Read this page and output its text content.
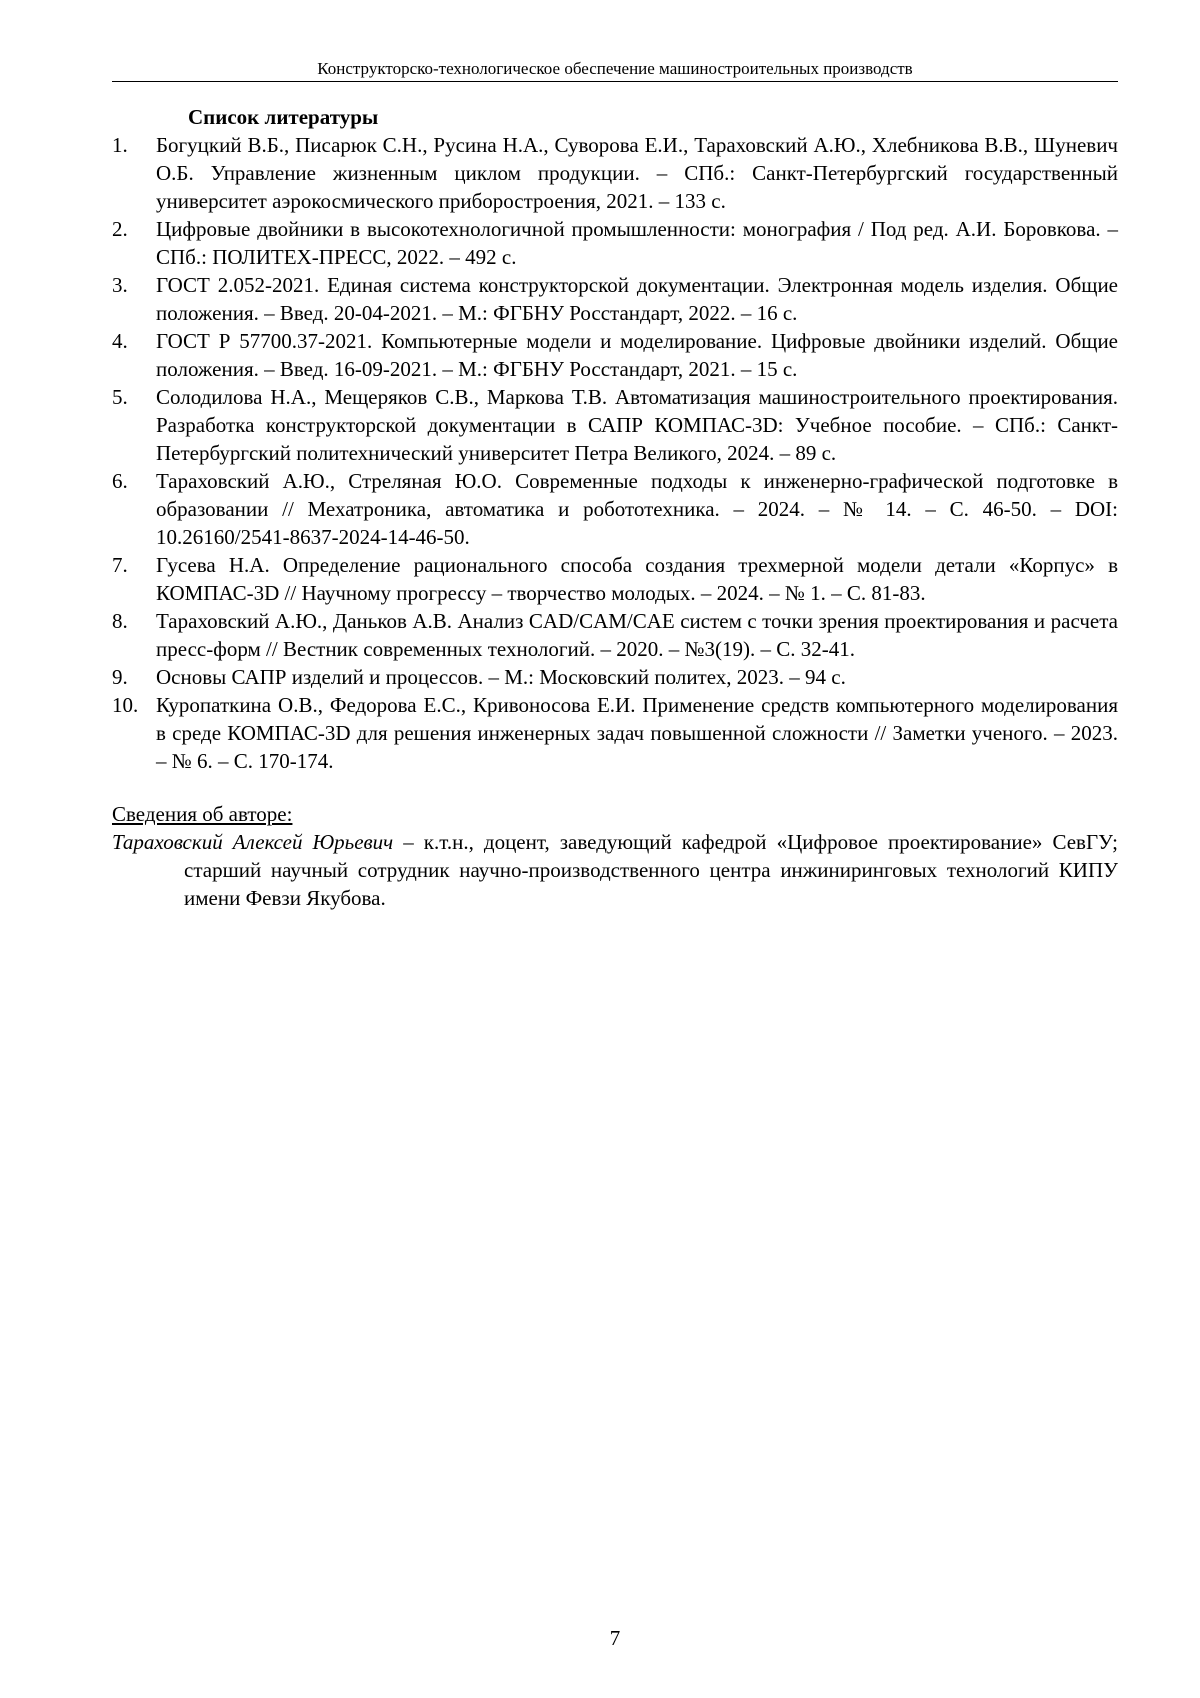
Конструкторско-технологическое обеспечение машиностроительных производств
Список литературы
1. Богуцкий В.Б., Писарюк С.Н., Русина Н.А., Суворова Е.И., Тараховский А.Ю., Хлебникова В.В., Шуневич О.Б. Управление жизненным циклом продукции. – СПб.: Санкт-Петербургский государственный университет аэрокосмического приборостроения, 2021. – 133 с.
2. Цифровые двойники в высокотехнологичной промышленности: монография / Под ред. А.И. Боровкова. – СПб.: ПОЛИТЕХ-ПРЕСС, 2022. – 492 с.
3. ГОСТ 2.052-2021. Единая система конструкторской документации. Электронная модель изделия. Общие положения. – Введ. 20-04-2021. – М.: ФГБНУ Росстандарт, 2022. – 16 с.
4. ГОСТ Р 57700.37-2021. Компьютерные модели и моделирование. Цифровые двойники изделий. Общие положения. – Введ. 16-09-2021. – М.: ФГБНУ Росстандарт, 2021. – 15 с.
5. Солодилова Н.А., Мещеряков С.В., Маркова Т.В. Автоматизация машиностроительного проектирования. Разработка конструкторской документации в САПР КОМПАС-3D: Учебное пособие. – СПб.: Санкт-Петербургский политехнический университет Петра Великого, 2024. – 89 с.
6. Тараховский А.Ю., Стреляная Ю.О. Современные подходы к инженерно-графической подготовке в образовании // Мехатроника, автоматика и робототехника. – 2024. – № 14. – С. 46-50. – DOI: 10.26160/2541-8637-2024-14-46-50.
7. Гусева Н.А. Определение рационального способа создания трехмерной модели детали «Корпус» в КОМПАС-3D // Научному прогрессу – творчество молодых. – 2024. – № 1. – С. 81-83.
8. Тараховский А.Ю., Даньков А.В. Анализ CAD/CAM/CAE систем с точки зрения проектирования и расчета пресс-форм // Вестник современных технологий. – 2020. – №3(19). – С. 32-41.
9. Основы САПР изделий и процессов. – М.: Московский политех, 2023. – 94 с.
10. Куропаткина О.В., Федорова Е.С., Кривоносова Е.И. Применение средств компьютерного моделирования в среде КОМПАС-3D для решения инженерных задач повышенной сложности // Заметки ученого. – 2023. – № 6. – С. 170-174.
Сведения об авторе:
Тараховский Алексей Юрьевич – к.т.н., доцент, заведующий кафедрой «Цифровое проектирование» СевГУ; старший научный сотрудник научно-производственного центра инжиниринговых технологий КИПУ имени Февзи Якубова.
7
